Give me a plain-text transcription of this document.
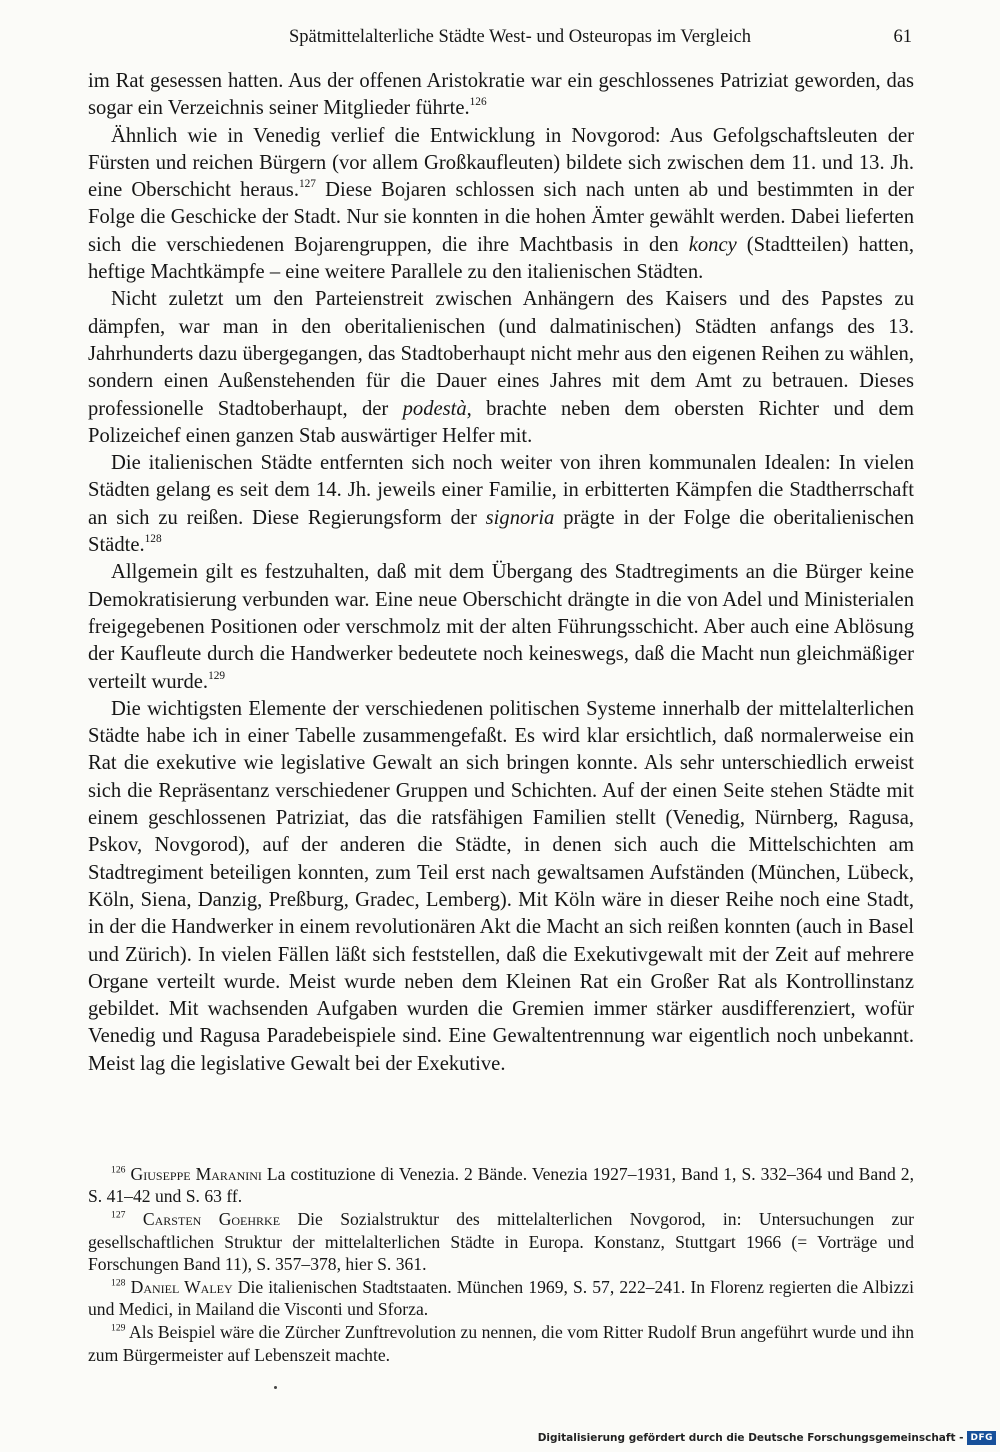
Spätmittelalterliche Städte West- und Osteuropas im Vergleich	61

im Rat gesessen hatten. Aus der offenen Aristokratie war ein geschlossenes Patriziat geworden, das sogar ein Verzeichnis seiner Mitglieder führte.$^{126}$

Ähnlich wie in Venedig verlief die Entwicklung in Novgorod: Aus Gefolgschaftsleuten der Fürsten und reichen Bürgern (vor allem Großkaufleuten) bildete sich zwischen dem 11. und 13. Jh. eine Oberschicht heraus.$^{127}$ Diese Bojaren schlossen sich nach unten ab und bestimmten in der Folge die Geschicke der Stadt. Nur sie konnten in die hohen Ämter gewählt werden. Dabei lieferten sich die verschiedenen Bojarengruppen, die ihre Machtbasis in den koncy (Stadtteilen) hatten, heftige Machtkämpfe – eine weitere Parallele zu den italienischen Städten.

Nicht zuletzt um den Parteienstreit zwischen Anhängern des Kaisers und des Papstes zu dämpfen, war man in den oberitalienischen (und dalmatinischen) Städten anfangs des 13. Jahrhunderts dazu übergegangen, das Stadtoberhaupt nicht mehr aus den eigenen Reihen zu wählen, sondern einen Außenstehenden für die Dauer eines Jahres mit dem Amt zu betrauen. Dieses professionelle Stadtoberhaupt, der podestà, brachte neben dem obersten Richter und dem Polizeichef einen ganzen Stab auswärtiger Helfer mit.

Die italienischen Städte entfernten sich noch weiter von ihren kommunalen Idealen: In vielen Städten gelang es seit dem 14. Jh. jeweils einer Familie, in erbitterten Kämpfen die Stadtherrschaft an sich zu reißen. Diese Regierungsform der signoria prägte in der Folge die oberitalienischen Städte.$^{128}$

Allgemein gilt es festzuhalten, daß mit dem Übergang des Stadtregiments an die Bürger keine Demokratisierung verbunden war. Eine neue Oberschicht drängte in die von Adel und Ministerialen freigegebenen Positionen oder verschmolz mit der alten Führungsschicht. Aber auch eine Ablösung der Kaufleute durch die Handwerker bedeutete noch keineswegs, daß die Macht nun gleichmäßiger verteilt wurde.$^{129}$

Die wichtigsten Elemente der verschiedenen politischen Systeme innerhalb der mittelalterlichen Städte habe ich in einer Tabelle zusammengefaßt. Es wird klar ersichtlich, daß normalerweise ein Rat die exekutive wie legislative Gewalt an sich bringen konnte. Als sehr unterschiedlich erweist sich die Repräsentanz verschiedener Gruppen und Schichten. Auf der einen Seite stehen Städte mit einem geschlossenen Patriziat, das die ratsfähigen Familien stellt (Venedig, Nürnberg, Ragusa, Pskov, Novgorod), auf der anderen die Städte, in denen sich auch die Mittelschichten am Stadtregiment beteiligen konnten, zum Teil erst nach gewaltsamen Aufständen (München, Lübeck, Köln, Siena, Danzig, Preßburg, Gradec, Lemberg). Mit Köln wäre in dieser Reihe noch eine Stadt, in der die Handwerker in einem revolutionären Akt die Macht an sich reißen konnten (auch in Basel und Zürich). In vielen Fällen läßt sich feststellen, daß die Exekutivgewalt mit der Zeit auf mehrere Organe verteilt wurde. Meist wurde neben dem Kleinen Rat ein Großer Rat als Kontrollinstanz gebildet. Mit wachsenden Aufgaben wurden die Gremien immer stärker ausdifferenziert, wofür Venedig und Ragusa Paradebeispiele sind. Eine Gewaltentrennung war eigentlich noch unbekannt. Meist lag die legislative Gewalt bei der Exekutive.

$^{126}$ Giuseppe Maranini La costituzione di Venezia. 2 Bände. Venezia 1927–1931, Band 1, S. 332–364 und Band 2, S. 41–42 und S. 63 ff.

$^{127}$ Carsten Goehrke Die Sozialstruktur des mittelalterlichen Novgorod, in: Untersuchungen zur gesellschaftlichen Struktur der mittelalterlichen Städte in Europa. Konstanz, Stuttgart 1966 (= Vorträge und Forschungen Band 11), S. 357–378, hier S. 361.

$^{128}$ Daniel Waley Die italienischen Stadtstaaten. München 1969, S. 57, 222–241. In Florenz regierten die Albizzi und Medici, in Mailand die Visconti und Sforza.

$^{129}$ Als Beispiel wäre die Zürcher Zunftrevolution zu nennen, die vom Ritter Rudolf Brun angeführt wurde und ihn zum Bürgermeister auf Lebenszeit machte.

Digitalisierung gefördert durch die Deutsche Forschungsgemeinschaft - DFG
